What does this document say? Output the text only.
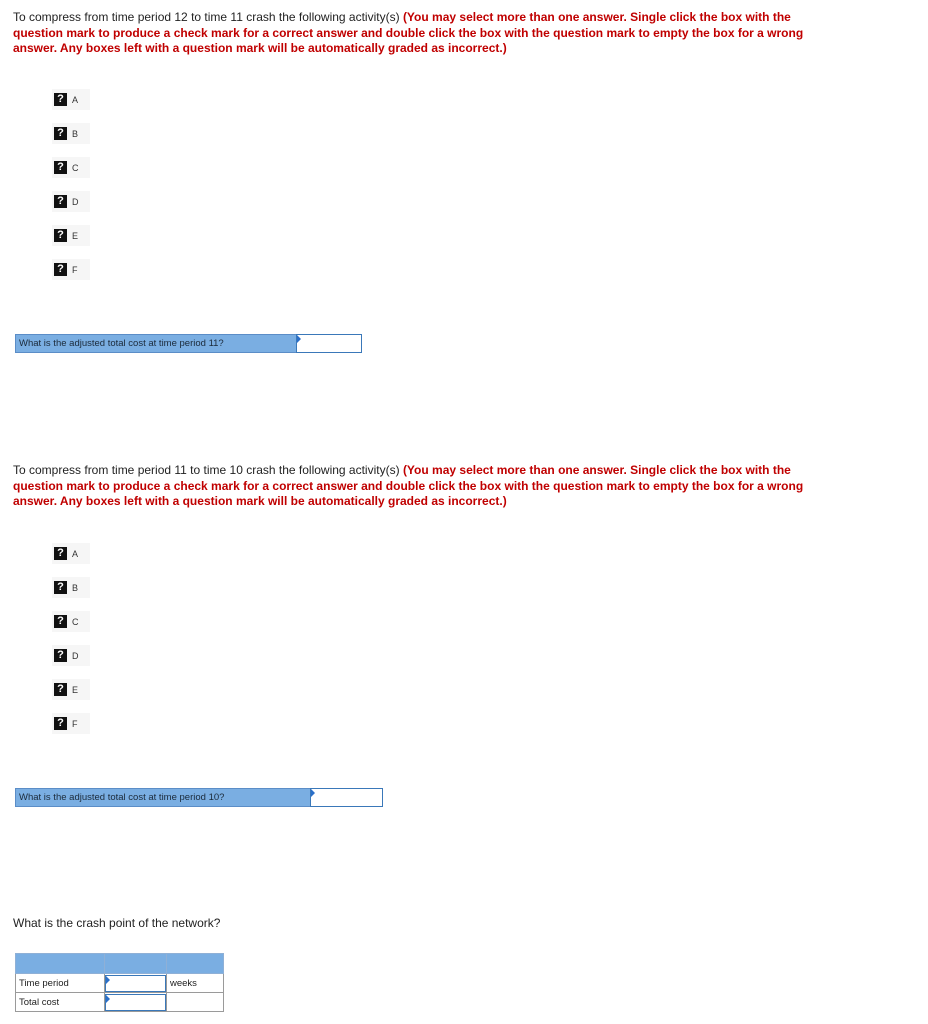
To compress from time period 12 to time 11 crash the following activity(s) (You may select more than one answer. Single click the box with the question mark to produce a check mark for a correct answer and double click the box with the question mark to empty the box for a wrong answer. Any boxes left with a question mark will be automatically graded as incorrect.)
? A
? B
? C
? D
? E
? F
What is the adjusted total cost at time period 11?
To compress from time period 11 to time 10 crash the following activity(s) (You may select more than one answer. Single click the box with the question mark to produce a check mark for a correct answer and double click the box with the question mark to empty the box for a wrong answer. Any boxes left with a question mark will be automatically graded as incorrect.)
? A
? B
? C
? D
? E
? F
What is the adjusted total cost at time period 10?
What is the crash point of the network?

Time period		weeks
Total cost	
